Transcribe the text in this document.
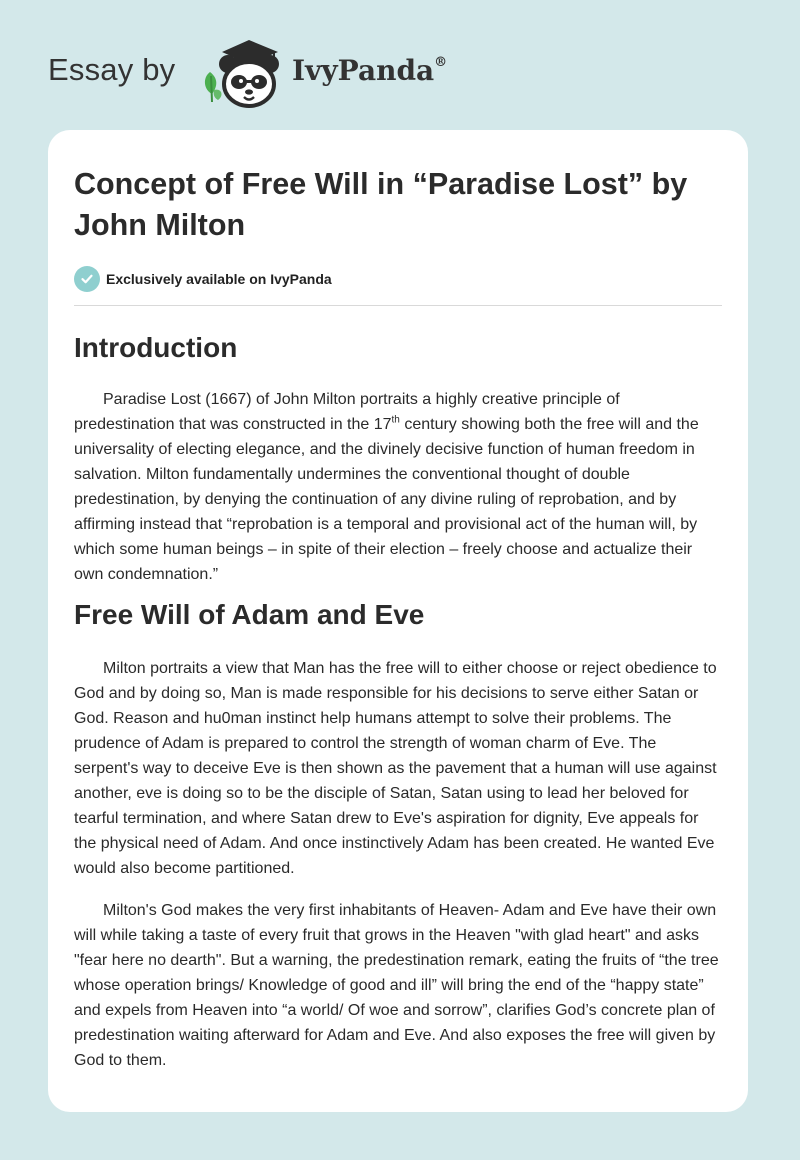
Essay by	IvyPanda®
Concept of Free Will in “Paradise Lost” by John Milton
Exclusively available on IvyPanda
Introduction

Paradise Lost (1667) of John Milton portraits a highly creative principle of predestination that was constructed in the 17th century showing both the free will and the universality of electing elegance, and the divinely decisive function of human freedom in salvation. Milton fundamentally undermines the conventional thought of double predestination, by denying the continuation of any divine ruling of reprobation, and by affirming instead that “reprobation is a temporal and provisional act of the human will, by which some human beings – in spite of their election – freely choose and actualize their own condemnation.”

Free Will of Adam and Eve

Milton portraits a view that Man has the free will to either choose or reject obedience to God and by doing so, Man is made responsible for his decisions to serve either Satan or God. Reason and hu0man instinct help humans attempt to solve their problems. The prudence of Adam is prepared to control the strength of woman charm of Eve. The serpent's way to deceive Eve is then shown as the pavement that a human will use against another, eve is doing so to be the disciple of Satan, Satan using to lead her beloved for tearful termination, and where Satan drew to Eve's aspiration for dignity, Eve appeals for the physical need of Adam. And once instinctively Adam has been created. He wanted Eve would also become partitioned.

Milton's God makes the very first inhabitants of Heaven- Adam and Eve have their own will while taking a taste of every fruit that grows in the Heaven "with glad heart" and asks "fear here no dearth". But a warning, the predestination remark, eating the fruits of “the tree whose operation brings/ Knowledge of good and ill” will bring the end of the “happy state” and expels from Heaven into “a world/ Of woe and sorrow”, clarifies God’s concrete plan of predestination waiting afterward for Adam and Eve. And also exposes the free will given by God to them.
